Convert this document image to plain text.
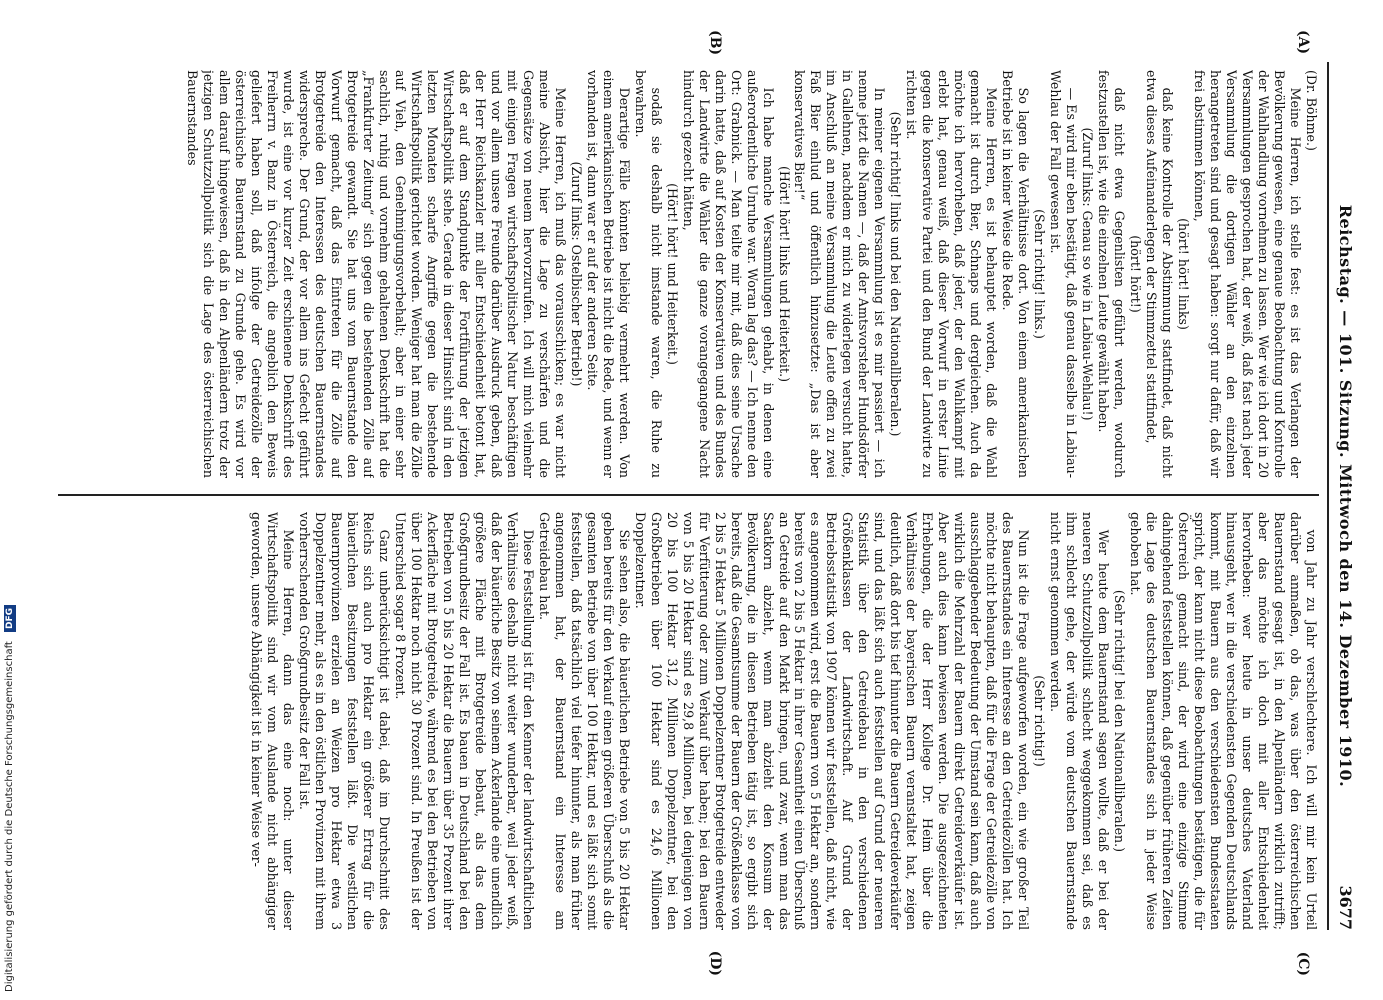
Reichstag. — 101. Sitzung. Mittwoch den 14. Dezember 1910.
3677
(A)
(B)
(C)
(D)

(Dr. Böhme.)

Meine Herren, ich stelle fest: es ist das Verlangen der Bevölkerung gewesen, eine genaue Beobachtung und Kontrolle der Wahlhandlung vornehmen zu lassen. Wer wie ich dort in 20 Versammlungen gesprochen hat, der weiß, daß fast nach jeder Versammlung die dortigen Wähler an den einzelnen herangetreten sind und gesagt haben: sorgt nur dafür, daß wir frei abstimmen können,

(hört! hört! links)

daß keine Kontrolle der Abstimmung stattfindet, daß nicht etwa dieses Aufeinanderlegen der Stimmzettel stattfindet,

(hört! hört!)

daß nicht etwa Gegenlisten geführt werden, wodurch festzustellen ist, wie die einzelnen Leute gewählt haben.

(Zuruf links: Genau so wie in Labiau-Wehlau!)

— Es wird mir eben bestätigt, daß genau dasselbe in Labiau-Wehlau der Fall gewesen ist.

(Sehr richtig! links.)

So lagen die Verhältnisse dort. Von einem amerikanischen Betriebe ist in keiner Weise die Rede.

Meine Herren, es ist behauptet worden, daß die Wahl gemacht ist durch Bier, Schnaps und dergleichen. Auch da möchte ich hervorheben, daß jeder, der den Wahlkampf mit erlebt hat, genau weiß, daß dieser Vorwurf in erster Linie gegen die konservative Partei und den Bund der Landwirte zu richten ist.

(Sehr richtig! links und bei den Nationalliberalen.)

In meiner eigenen Versammlung ist es mir passiert — ich nenne jetzt die Namen —, daß der Amtsvorsteher Hundsdörfer in Gallehnen, nachdem er mich zu widerlegen versucht hatte, im Anschluß an meine Versammlung die Leute offen zu zwei Faß Bier einlud und öffentlich hinzusetzte: „Das ist aber konservatives Bier!“

(Hört! hört! links und Heiterkeit.)

Ich habe manche Versammlungen gehabt, in denen eine außerordentliche Unruhe war. Woran lag das? — Ich nenne den Ort: Grabnick. — Man teilte mir mit, daß dies seine Ursache darin hatte, daß auf Kosten der Konservativen und des Bundes der Landwirte die Wähler die ganze vorangegangene Nacht hindurch gezecht hätten,

(Hört! hört! und Heiterkeit.)

sodaß sie deshalb nicht imstande waren, die Ruhe zu bewahren.

Derartige Fälle könnten beliebig vermehrt werden. Von einem amerikanischen Betriebe ist nicht die Rede, und wenn er vorhanden ist, dann war er auf der anderen Seite.

(Zuruf links: Ostelbischer Betrieb!)

Meine Herren, ich muß das vorausschicken; es war nicht meine Absicht, hier die Lage zu verschärfen und die Gegensätze von neuem hervorzurufen. Ich will mich vielmehr mit einigen Fragen wirtschaftspolitischer Natur beschäftigen und vor allem unsere Freunde darüber Ausdruck geben, daß der Herr Reichskanzler mit aller Entschiedenheit betont hat, daß er auf dem Standpunkte der Fortführung der jetzigen Wirtschaftspolitik stehe. Gerade in dieser Hinsicht sind in den letzten Monaten scharfe Angriffe gegen die bestehende Wirtschaftspolitik gerichtet worden. Weniger hat man die Zölle auf Vieh, den Genehmigungsvorbehalt; aber in einer sehr sachlich, ruhig und vornehm gehaltenen Denkschrift hat die „Frankfurter Zeitung“ sich gegen die bestehenden Zölle auf Brotgetreide gewandt. Sie hat uns vom Bauernstande den Vorwurf gemacht, daß das Eintreten für die Zölle auf Brotgetreide den Interessen des deutschen Bauernstandes widerspreche. Der Grund, der vor allem ins Gefecht geführt wurde, ist eine vor kurzer Zeit erschienene Denkschrift des Freiherrn v. Banz in Österreich, die angeblich den Beweis geliefert haben soll, daß infolge der Getreidezölle der österreichische Bauernstand zu Grunde gehe. Es wird vor allem darauf hingewiesen, daß in den Alpenländern trotz der jetzigen Schutzzollpolitik sich die Lage des österreichischen Bauernstandes

von Jahr zu Jahr verschlechtere. Ich will mir kein Urteil darüber anmaßen, ob das, was über den österreichischen Bauernstand gesagt ist, in den Alpenländern wirklich zutrifft; aber das möchte ich doch mit aller Entschiedenheit hervorheben: wer heute in unser deutsches Vaterland hinausgeht, wer in die verschiedensten Gegenden Deutschlands kommt, mit Bauern aus den verschiedensten Bundesstaaten spricht, der kann nicht diese Beobachtungen bestätigen, die für Österreich gemacht sind, der wird eine einzige Stimme dahingehend feststellen können, daß gegenüber früheren Zeiten die Lage des deutschen Bauernstandes sich in jeder Weise gehoben hat.

(Sehr richtig! bei den Nationalliberalen.)

Wer heute dem Bauernstand sagen wollte, daß er bei der neueren Schutzzollpolitik schlecht weggekommen sei, daß es ihm schlecht gehe, der würde vom deutschen Bauernstande nicht ernst genommen werden.

(Sehr richtig!)

Nun ist die Frage aufgeworfen worden, ein wie großer Teil des Bauernstandes ein Interesse an den Getreidezöllen hat. Ich möchte nicht behaupten, daß für die Frage der Getreidezölle von ausschlaggebender Bedeutung der Umstand sein kann, daß auch wirklich die Mehrzahl der Bauern direkt Getreideverkäufer ist. Aber auch dies kann bewiesen werden. Die ausgezeichneten Erhebungen, die der Herr Kollege Dr. Heim über die Verhältnisse der bayerischen Bauern veranstaltet hat, zeigen deutlich, daß dort bis tief hinunter die Bauern Getreideverkäufer sind, und das läßt sich auch feststellen auf Grund der neueren Statistik über den Getreidebau in den verschiedenen Größenklassen der Landwirtschaft. Auf Grund der Betriebsstatistik von 1907 können wir feststellen, daß nicht, wie es angenommen wird, erst die Bauern von 5 Hektar an, sondern bereits von 2 bis 5 Hektar in ihrer Gesamtheit einen Überschuß an Getreide auf den Markt bringen, und zwar, wenn man das Saatkorn abzieht, wenn man abzieht den Konsum der Bevölkerung, die in diesen Betrieben tätig ist, so ergibt sich bereits, daß die Gesamtsumme der Bauern der Größenklasse von 2 bis 5 Hektar 5 Millionen Doppelzentner Brotgetreide entweder für Verfütterung oder zum Verkauf über haben; bei den Bauern von 5 bis 20 Hektar sind es 29,8 Millionen, bei denjenigen von 20 bis 100 Hektar 31,2 Millionen Doppelzentner, bei den Großbetrieben über 100 Hektar sind es 24,6 Millionen Doppelzentner.

Sie sehen also, die bäuerlichen Betriebe von 5 bis 20 Hektar geben bereits für den Verkauf einen größeren Überschuß als die gesamten Betriebe von über 100 Hektar, und es läßt sich somit feststellen, daß tatsächlich viel tiefer hinunter, als man früher angenommen hat, der Bauernstand ein Interesse am Getreidebau hat.

Diese Feststellung ist für den Kenner der landwirtschaftlichen Verhältnisse deshalb nicht weiter wunderbar, weil jeder weiß, daß der bäuerliche Besitz von seinem Ackerlande eine unendlich größere Fläche mit Brotgetreide bebaut, als das dem Großgrundbesitz der Fall ist. Es bauen in Deutschland bei den Betrieben von 5 bis 20 Hektar die Bauern über 35 Prozent ihrer Ackerfläche mit Brotgetreide, während es bei den Betrieben von über 100 Hektar noch nicht 30 Prozent sind. In Preußen ist der Unterschied sogar 8 Prozent.

Ganz unberücksichtigt ist dabei, daß im Durchschnitt des Reichs sich auch pro Hektar ein größerer Ertrag für die bäuerlichen Besitzungen feststellen läßt. Die westlichen Bauernprovinzen erzielen an Weizen pro Hektar etwa 3 Doppelzentner mehr, als es in den östlichen Provinzen mit ihrem vorherrschenden Großgrundbesitz der Fall ist.

Meine Herren, dann das eine noch: unter dieser Wirtschaftspolitik sind wir vom Auslande nicht abhängiger geworden, unsere Abhängigkeit ist in keiner Weise ver-

Digitalisierung gefördert durch die Deutsche Forschungsgemeinschaft DFG
